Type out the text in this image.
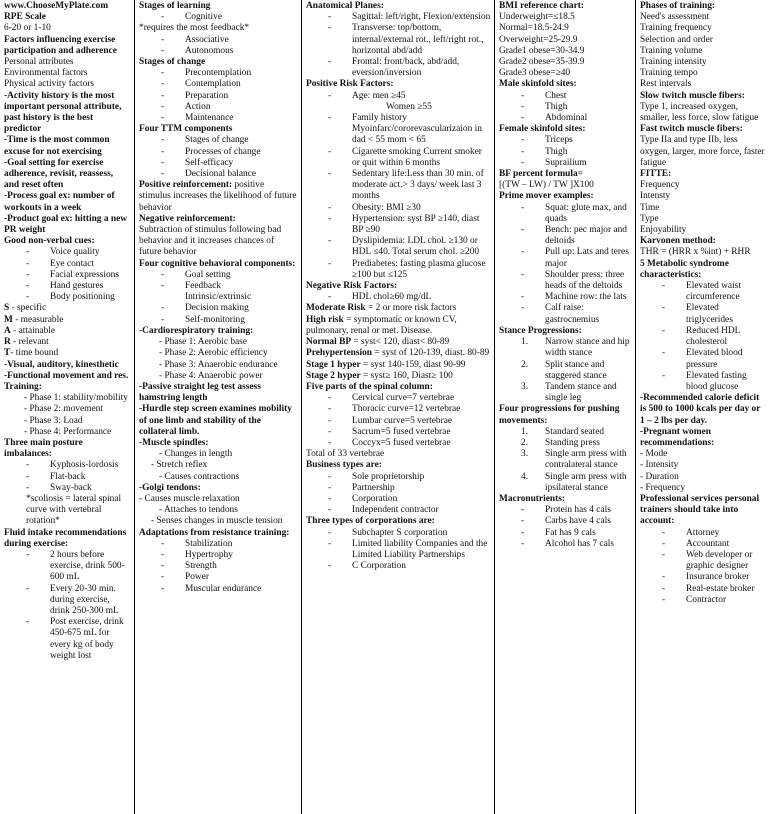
www.ChooseMyPlate.com
RPE Scale
6-20 or 1-10
Factors influencing exercise participation and adherence
Personal attributes
Environmental factors
Physical activity factors
-Activity history is the most important personal attribute, past history is the best predictor
-Time is the most common excuse for not exercising
-Goal setting for exercise adherence, revisit, reassess, and reset often
-Process goal ex: number of workouts in a week
-Product goal ex: hitting a new PR weight
Good non-verbal cues:
- Voice quality
- Eye contact
- Facial expressions
- Hand gestures
- Body positioning
S - specific
M - measurable
A - attainable
R - relevant
T- time bound
-Visual, auditory, kinesthetic
-Functional movement and res. Training:
- Phase 1: stability/mobility
- Phase 2: movement
- Phase 3: Load
- Phase 4: Performance
Three main posture imbalances:
- Kyphosis-lordosis
- Flat-back
- Sway-back
*scoliosis = lateral spinal curve with vertebral rotation*
Fluid intake recommendations during exercise:
- 2 hours before exercise, drink 500-600 mL
- Every 20-30 min. during exercise, drink 250-300 mL
- Post exercise, drink 450-675 mL for every kg of body weight lost
Stages of learning
- Cognitive
*requires the most feedback*
- Associative
- Autonomous
Stages of change
- Precontemplation
- Contemplation
- Preparation
- Action
- Maintenance
Four TTM components
- Stages of change
- Processes of change
- Self-efficacy
- Decisional balance
Positive reinforcement: positive stimulus increases the likelihood of future behavior
Negative reinforcement:
Subtraction of stimulus following bad behavior and it increases chances of future behavior
Four cognitive behavioral components:
- Goal setting
- Feedback
Intrinsic/extrinsic
- Decision making
- Self-monitoring
-Cardiorespiratory training:
- Phase 1: Aerobic base
- Phase 2: Aerobic efficiency
- Phase 3: Anaerobic endurance
- Phase 4: Anaerobic power
-Passive straight leg test assess hamstring length
-Hurdle step screen examines mobility of one limb and stability of the collateral limb.
-Muscle spindles:
- Changes in length
- Stretch reflex
- Causes contractions
-Golgi tendons:
- Causes muscle relaxation
- Attaches to tendons
- Senses changes in muscle tension
Adaptations from resistance training:
- Stabilization
- Hypertrophy
- Strength
- Power
- Muscular endurance
Anatomical Planes:
- Sagittal: left/right, Flexion/extension
- Transverse: top/bottom, internal/external rot., left/right rot., horizontal abd/add
- Frontal: front/back, abd/add, eversion/inversion
Positive Risk Factors:
- Age: men ≥45
Women ≥55
- Family history Myoinfarc/cororevascularizaion in dad < 55 mom < 65
- Cigarette smoking Current smoker or quit within 6 months
- Sedentary life:Less than 30 min. of moderate act.> 3 days/ week last 3 months
- Obesity: BMI ≥30
- Hypertension: syst BP ≥140, diast BP ≥90
- Dyslipidemia: LDL chol. ≥130 or HDL ≤40. Total serum chol. ≥200
- Prediabetes: fasting plasma glucose ≥100 but ≤125
Negative Risk Factors:
- HDL chol≥60 mg/dL
Moderate Risk = 2 or more risk factors
High risk = symptomatic or known CV, pulmonary, renal or met. Disease.
Normal BP = syst< 120, diast< 80-89
Prehypertension = syst of 120-139, diast. 80-89
Stage 1 hyper = syst 140-159, diast 90-99
Stage 2 hyper = syst≥ 160, Diast≥ 100
Five parts of the spinal column:
- Cervical curve=7 vertebrae
- Thoracic curve=12 vertebrae
- Lumbar curve=5 vertebrae
- Sacrum=5 fused vertebrae
- Coccyx=5 fused vertebrae
Total of 33 vertebrae
Business types are:
- Sole proprietorship
- Partnership
- Corporation
- Independent contractor
Three types of corporations are:
- Subchapter S corporation
- Limited liability Companies and the Limited Liability Partnerships
- C Corporation
BMI reference chart:
Underweight=≤18.5
Normal=18.5-24.9
Overweight=25-29.9
Grade1 obese=30-34.9
Grade2 obese=35-39.9
Grade3 obese=≥40
Male skinfold sites:
- Chest
- Thigh
- Abdominal
Female skinfold sites:
- Triceps
- Thigh
- Suprailium
BF percent formula=
[(TW – LW) / TW ]X100
Prime mover examples:
- Squat: glute max, and quads
- Bench: pec major and deltoids
- Pull up: Lats and teres major
- Shoulder press: three heads of the deltoids
- Machine row: the lats
- Calf raise: gastrocnemius
Stance Progressions:
1. Narrow stance and hip width stance
2. Split stance and staggered stance
3. Tandem stance and single leg
Four progressions for pushing movements:
1. Standard seated
2. Standing press
3. Single arm press with contralateral stance
4. Single arm press with ipsilateral stance
Macronutrients:
- Protein has 4 cals
- Carbs have 4 cals
- Fat has 9 cals
- Alcohol has 7 cals
Phases of training:
Need's assessment
Training frequency
Selection and order
Training volume
Training intensity
Training tempo
Rest intervals
Slow twitch muscle fibers:
Type 1, increased oxygen, smaller, less force, slow fatigue
Fast twitch muscle fibers:
Type IIa and type IIb, less oxygen, larger, more force, faster fatigue
FITTE:
Frequency
Intensty
Time
Type
Enjoyability
Karvonen method:
THR = (HRR x %int) + RHR
5 Metabolic syndrome characteristics:
- Elevated waist circumference
- Elevated triglycerides
- Reduced HDL cholesterol
- Elevated blood pressure
- Elevated fasting blood glucose
-Recommended calorie deficit is 500 to 1000 kcals per day or 1 – 2 lbs per day.
-Pregnant women recommendations:
- Mode
- Intensity
- Duration
- Frequency
Professional services personal trainers should take into account:
- Attorney
- Accountant
- Web developer or graphic designer
- Insurance broker
- Real-estate broker
- Contractor
